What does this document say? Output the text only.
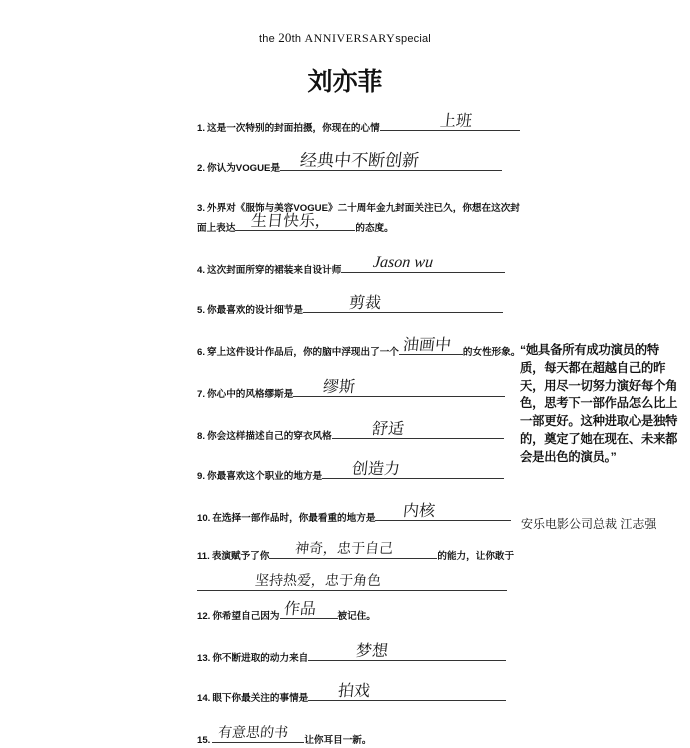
the 20th ANNIVERSARYspecial
刘亦菲
1. 这是一次特别的封面拍摄，你现在的心情	上班
2. 你认为VOGUE是 经典中不断创新
3. 外界对《服饰与美容VOGUE》二十周年金九封面关注已久，你想在这次封
面上表达 生日快乐， 的态度。
4. 这次封面所穿的裙装来自设计师 Jason wu
5. 你最喜欢的设计细节是	剪裁
6. 穿上这件设计作品后，你的脑中浮现出了一个 油画中 的女性形象。
7. 你心中的风格缪斯是 缪斯
8. 你会这样描述自己的穿衣风格 舒适
9. 你最喜欢这个职业的地方是 创造力
10. 在选择一部作品时，你最看重的地方是 内核
11. 表演赋予了你 神奇，忠于自己	的能力，让你敢于
坚持热爱，忠于角色
12. 你希望自己因为 作品 被记住。
13. 你不断进取的动力来自	梦想
14. 眼下你最关注的事情是 拍戏
15. 有意思的书 让你耳目一新。
“她具备所有成功演员的特质，每天都在超越自己的昨天，用尽一切努力演好每个角色，思考下一部作品怎么比上一部更好。这种进取心是独特的，奠定了她在现在、未来都会是出色的演员。”
安乐电影公司总裁 江志强
